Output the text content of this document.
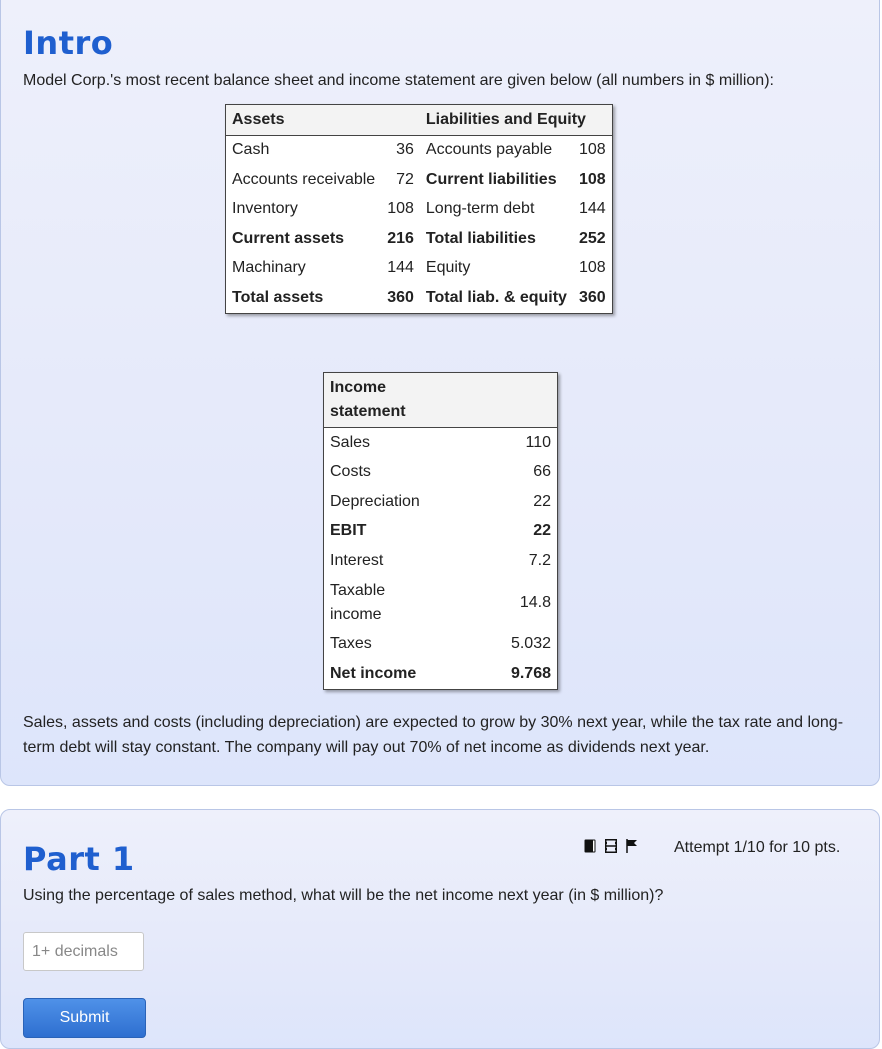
Intro
Model Corp.'s most recent balance sheet and income statement are given below (all numbers in $ million):
Assets		Liabilities and Equity	
Cash	36	Accounts payable	108
Accounts receivable	72	Current liabilities	108
Inventory	108	Long-term debt	144
Current assets	216	Total liabilities	252
Machinary	144	Equity	108
Total assets	360	Total liab. & equity	360
Income
statement	
Sales	110
Costs	66
Depreciation	22
EBIT	22
Interest	7.2
Taxable
income	14.8
Taxes	5.032
Net income	9.768
Sales, assets and costs (including depreciation) are expected to grow by 30% next year, while the tax rate and long-term debt will stay constant. The company will pay out 70% of net income as dividends next year.
Part 1	Attempt 1/10 for 10 pts.
Using the percentage of sales method, what will be the net income next year (in $ million)?
1+ decimals
Submit
